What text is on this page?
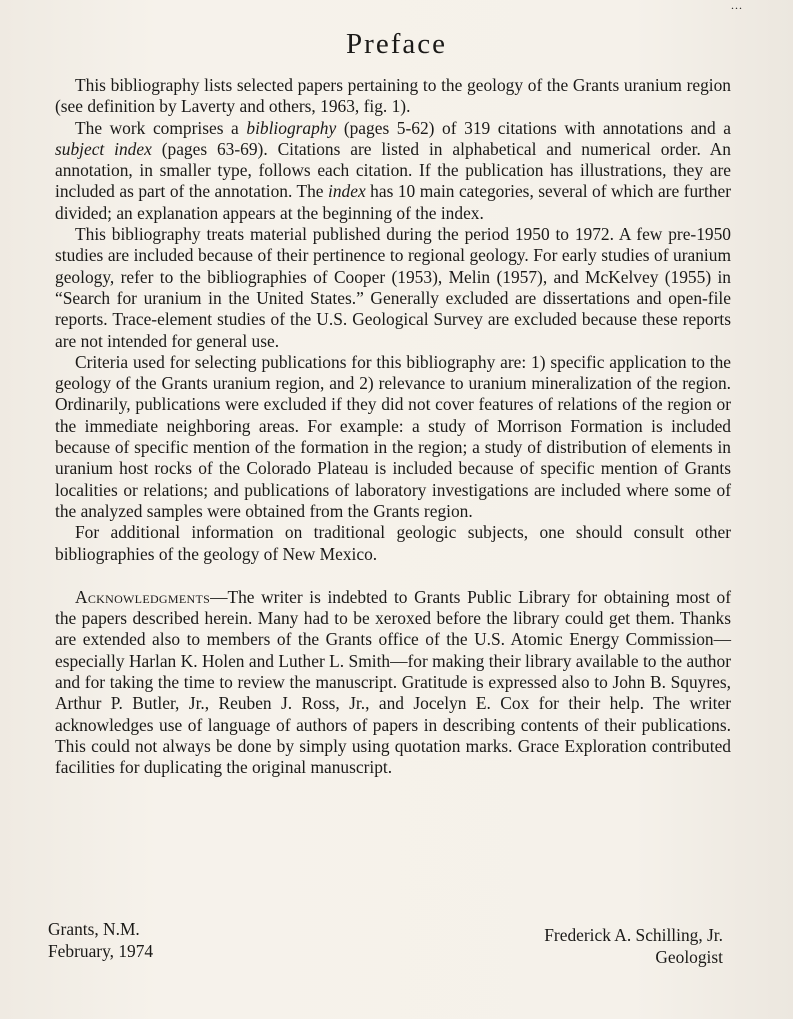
...
Preface

This bibliography lists selected papers pertaining to the geology of the Grants uranium region (see definition by Laverty and others, 1963, fig. 1).

The work comprises a bibliography (pages 5-62) of 319 citations with annotations and a subject index (pages 63-69). Citations are listed in alphabetical and numerical order. An annotation, in smaller type, follows each citation. If the publication has illustrations, they are included as part of the annotation. The index has 10 main categories, several of which are further divided; an explanation appears at the beginning of the index.

This bibliography treats material published during the period 1950 to 1972. A few pre-1950 studies are included because of their pertinence to regional geology. For early studies of uranium geology, refer to the bibliographies of Cooper (1953), Melin (1957), and McKelvey (1955) in “Search for uranium in the United States.” Generally excluded are dissertations and open-file reports. Trace-element studies of the U.S. Geological Survey are excluded because these reports are not intended for general use.

Criteria used for selecting publications for this bibliography are: 1) specific application to the geology of the Grants uranium region, and 2) relevance to uranium mineralization of the region. Ordinarily, publications were excluded if they did not cover features of relations of the region or the immediate neighboring areas. For example: a study of Morrison Formation is included because of specific mention of the formation in the region; a study of distribution of elements in uranium host rocks of the Colorado Plateau is included because of specific mention of Grants localities or relations; and publications of laboratory investigations are included where some of the analyzed samples were obtained from the Grants region.

For additional information on traditional geologic subjects, one should consult other bibliographies of the geology of New Mexico.

Acknowledgments—The writer is indebted to Grants Public Library for obtaining most of the papers described herein. Many had to be xeroxed before the library could get them. Thanks are extended also to members of the Grants office of the U.S. Atomic Energy Commission—especially Harlan K. Holen and Luther L. Smith—for making their library available to the author and for taking the time to review the manuscript. Gratitude is expressed also to John B. Squyres, Arthur P. Butler, Jr., Reuben J. Ross, Jr., and Jocelyn E. Cox for their help. The writer acknowledges use of language of authors of papers in describing contents of their publications. This could not always be done by simply using quotation marks. Grace Exploration contributed facilities for duplicating the original manuscript.

Grants, N.M.
February, 1974
Frederick A. Schilling, Jr.
Geologist
